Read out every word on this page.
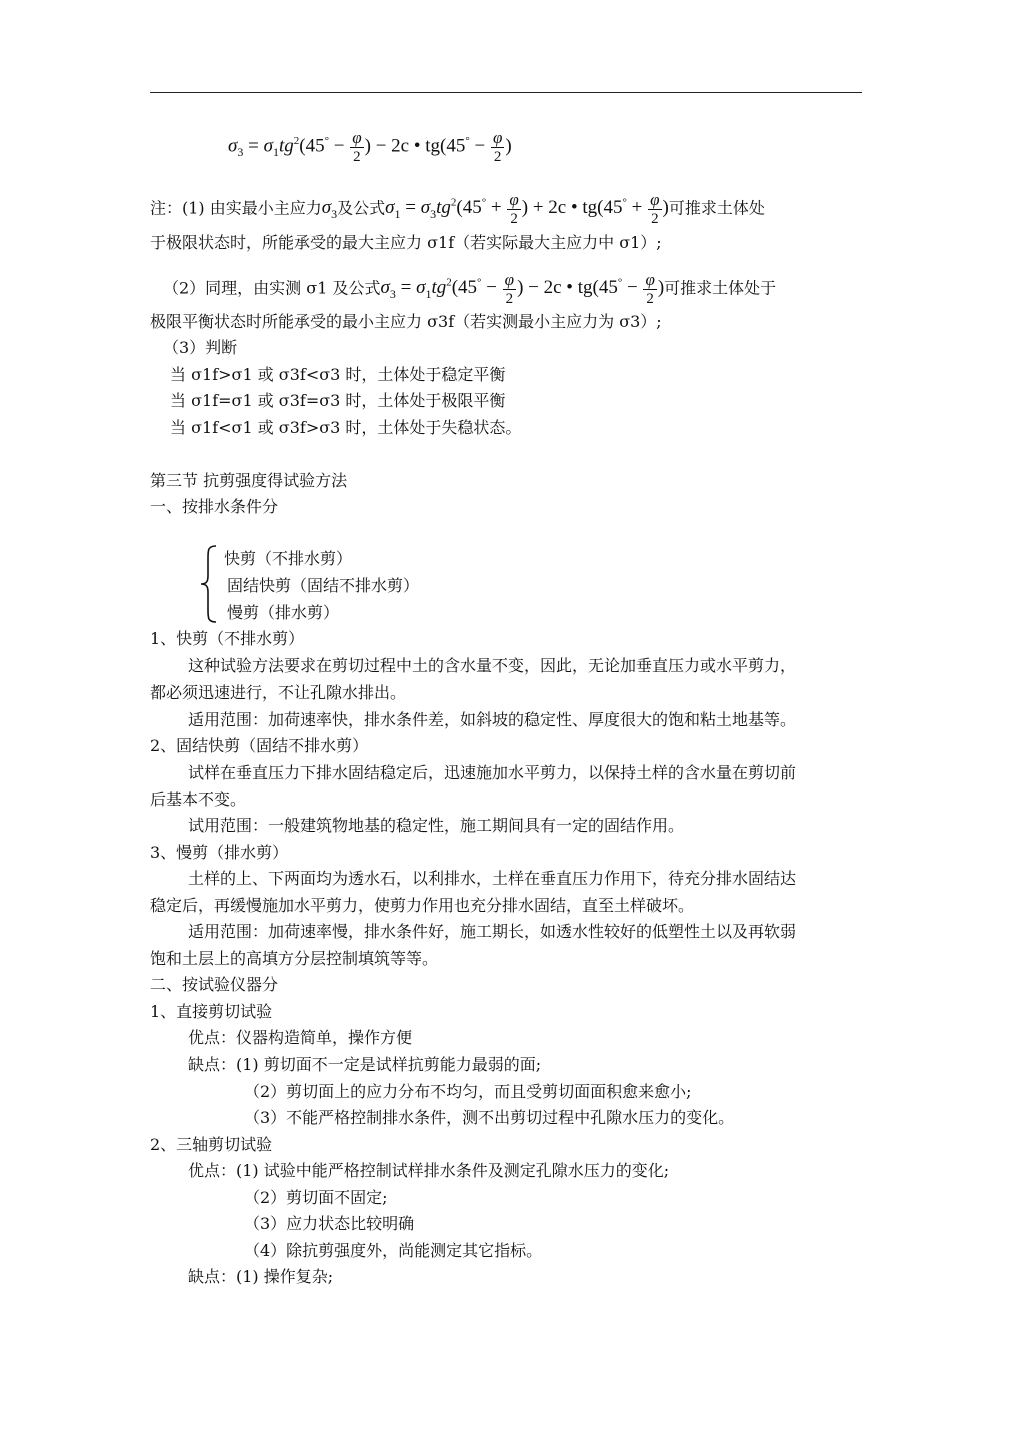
$\sigma_3 = \sigma_1tg^2(45^\circ - \frac{\varphi}{2}$ ) − 2c • $tg(45^\circ - \frac{\varphi}{2}$ )
注：(1) 由实最小主应力$\sigma_3$及公式$\sigma_1 = \sigma_3tg^2(45^\circ + \frac{\varphi}{2}$ ) + 2c • $tg(45^\circ + \frac{\varphi}{2}$ )可推求土体处
于极限状态时，所能承受的最大主应力 σ1f（若实际最大主应力中 σ1）;
（2）同理，由实测 σ1 及公式$\sigma_3 = \sigma_1tg^2(45^\circ - \frac{\varphi}{2}$ ) − 2c • $tg(45^\circ - \frac{\varphi}{2}$ )可推求土体处于
极限平衡状态时所能承受的最小主应力 σ3f（若实测最小主应力为 σ3）;
（3）判断
当 σ1f>σ1 或 σ3f<σ3 时，土体处于稳定平衡
当 σ1f=σ1 或 σ3f=σ3 时，土体处于极限平衡
当 σ1f<σ1 或 σ3f>σ3 时，土体处于失稳状态。
第三节 抗剪强度得试验方法
一、按排水条件分
快剪（不排水剪）
固结快剪（固结不排水剪）
慢剪（排水剪）
1、快剪（不排水剪）
这种试验方法要求在剪切过程中土的含水量不变，因此，无论加垂直压力或水平剪力，
都必须迅速进行，不让孔隙水排出。
适用范围：加荷速率快，排水条件差，如斜坡的稳定性、厚度很大的饱和粘土地基等。
2、固结快剪（固结不排水剪）
试样在垂直压力下排水固结稳定后，迅速施加水平剪力，以保持土样的含水量在剪切前
后基本不变。
试用范围：一般建筑物地基的稳定性，施工期间具有一定的固结作用。
3、慢剪（排水剪）
土样的上、下两面均为透水石，以利排水，土样在垂直压力作用下，待充分排水固结达
稳定后，再缓慢施加水平剪力，使剪力作用也充分排水固结，直至土样破坏。
适用范围：加荷速率慢，排水条件好，施工期长，如透水性较好的低塑性土以及再软弱
饱和土层上的高填方分层控制填筑等等。
二、按试验仪器分
1、直接剪切试验
优点：仪器构造简单，操作方便
缺点：(1) 剪切面不一定是试样抗剪能力最弱的面;
（2）剪切面上的应力分布不均匀，而且受剪切面面积愈来愈小;
（3）不能严格控制排水条件，测不出剪切过程中孔隙水压力的变化。
2、三轴剪切试验
优点：(1) 试验中能严格控制试样排水条件及测定孔隙水压力的变化;
（2）剪切面不固定;
（3）应力状态比较明确
（4）除抗剪强度外，尚能测定其它指标。
缺点：(1) 操作复杂;
